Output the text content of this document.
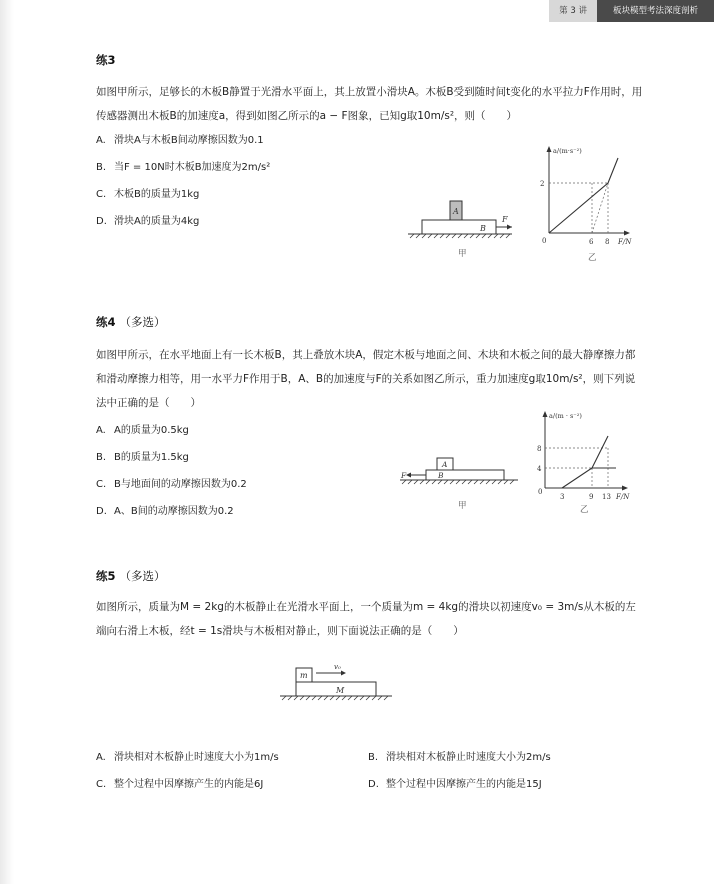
第 3 讲	板块模型考法深度剖析
练3
如图甲所示，足够长的木板B静置于光滑水平面上，其上放置小滑块A。木板B受到随时间t变化的水平拉力F作用时，用传感器测出木板B的加速度a，得到如图乙所示的a − F图象，已知g取10m/s²，则（　　）
A. 滑块A与木板B间动摩擦因数为0.1
B. 当F = 10N时木板B加速度为2m/s²
C. 木板B的质量为1kg
D. 滑块A的质量为4kg
A
B
F
甲
a/(m·s⁻²)
F/N
0
2
6 8
乙
练4 （多选）
如图甲所示，在水平地面上有一长木板B，其上叠放木块A，假定木板与地面之间、木块和木板之间的最大静摩擦力都和滑动摩擦力相等，用一水平力F作用于B，A、B的加速度与F的关系如图乙所示，重力加速度g取10m/s²，则下列说法中正确的是（　　）
A. A的质量为0.5kg
B. B的质量为1.5kg
C. B与地面间的动摩擦因数为0.2
D. A、B间的动摩擦因数为0.2
A
B
F
甲
a/(m · s⁻²)
F/N
0
4
8
3	9 13
乙
练5 （多选）
如图所示，质量为M = 2kg的木板静止在光滑水平面上，一个质量为m = 4kg的滑块以初速度v₀ = 3m/s从木板的左端向右滑上木板，经t = 1s滑块与木板相对静止，则下面说法正确的是（　　）
m
M
v₀
A. 滑块相对木板静止时速度大小为1m/s	B. 滑块相对木板静止时速度大小为2m/s
C. 整个过程中因摩擦产生的内能是6J	D. 整个过程中因摩擦产生的内能是15J
